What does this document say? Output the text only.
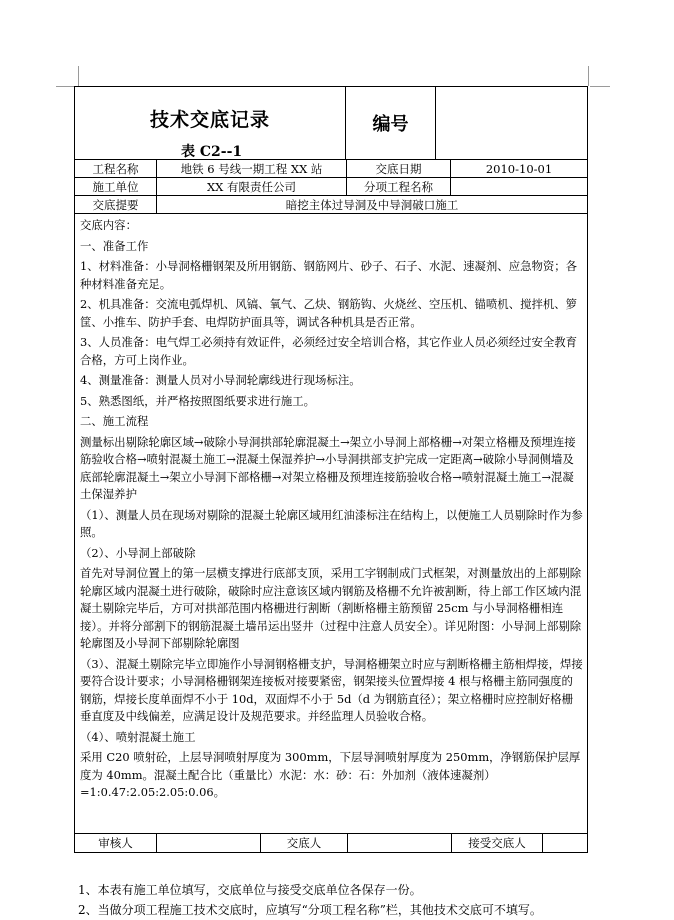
技术交底记录
表 C2--1
编号
工程名称	地铁 6 号线一期工程 XX 站	交底日期	2010-10-01
施工单位	XX 有限责任公司	分项工程名称
交底提要	暗挖主体过导洞及中导洞破口施工

交底内容：

一、准备工作

1、材料准备：小导洞格栅钢架及所用钢筋、钢筋网片、砂子、石子、水泥、速凝剂、应急物资；各种材料准备充足。

2、机具准备：交流电弧焊机、风镐、氧气、乙炔、钢筋钩、火烧丝、空压机、锚喷机、搅拌机、箩筐、小推车、防护手套、电焊防护面具等，调试各种机具是否正常。

3、人员准备：电气焊工必须持有效证件，必须经过安全培训合格，其它作业人员必须经过安全教育合格，方可上岗作业。

4、测量准备：测量人员对小导洞轮廓线进行现场标注。

5、熟悉图纸，并严格按照图纸要求进行施工。

二、施工流程

测量标出剔除轮廓区域→破除小导洞拱部轮廓混凝土→架立小导洞上部格栅→对架立格栅及预埋连接筋验收合格→喷射混凝土施工→混凝土保湿养护→小导洞拱部支护完成一定距离→破除小导洞侧墙及底部轮廓混凝土→架立小导洞下部格栅→对架立格栅及预埋连接筋验收合格→喷射混凝土施工→混凝土保湿养护

（1）、测量人员在现场对剔除的混凝土轮廓区域用红油漆标注在结构上，以便施工人员剔除时作为参照。

（2）、小导洞上部破除

首先对导洞位置上的第一层横支撑进行底部支顶，采用工字钢制成门式框架，对测量放出的上部剔除轮廓区域内混凝土进行破除，破除时应注意该区域内钢筋及格栅不允许被割断，待上部工作区域内混凝土剔除完毕后，方可对拱部范围内格栅进行割断（割断格栅主筋预留 25cm 与小导洞格栅相连接）。并将分部割下的钢筋混凝土墙吊运出竖井（过程中注意人员安全）。详见附图：小导洞上部剔除轮廓图及小导洞下部剔除轮廓图

（3）、混凝土剔除完毕立即施作小导洞钢格栅支护，导洞格栅架立时应与割断格栅主筋相焊接，焊接要符合设计要求；小导洞格栅钢架连接板对接要紧密，钢架接头位置焊接 4 根与格栅主筋同强度的钢筋，焊接长度单面焊不小于 10d，双面焊不小于 5d（d 为钢筋直径）；架立格栅时应控制好格栅垂直度及中线偏差，应满足设计及规范要求。并经监理人员验收合格。

（4）、喷射混凝土施工

采用 C20 喷射砼，上层导洞喷射厚度为 300mm，下层导洞喷射厚度为 250mm，净钢筋保护层厚度为 40mm。混凝土配合比（重量比）水泥：水：砂：石：外加剂（液体速凝剂）=1:0.47:2.05:2.05:0.06。

审核人	交底人	接受交底人
1、本表有施工单位填写，交底单位与接受交底单位各保存一份。
2、当做分项工程施工技术交底时，应填写“分项工程名称”栏，其他技术交底可不填写。
